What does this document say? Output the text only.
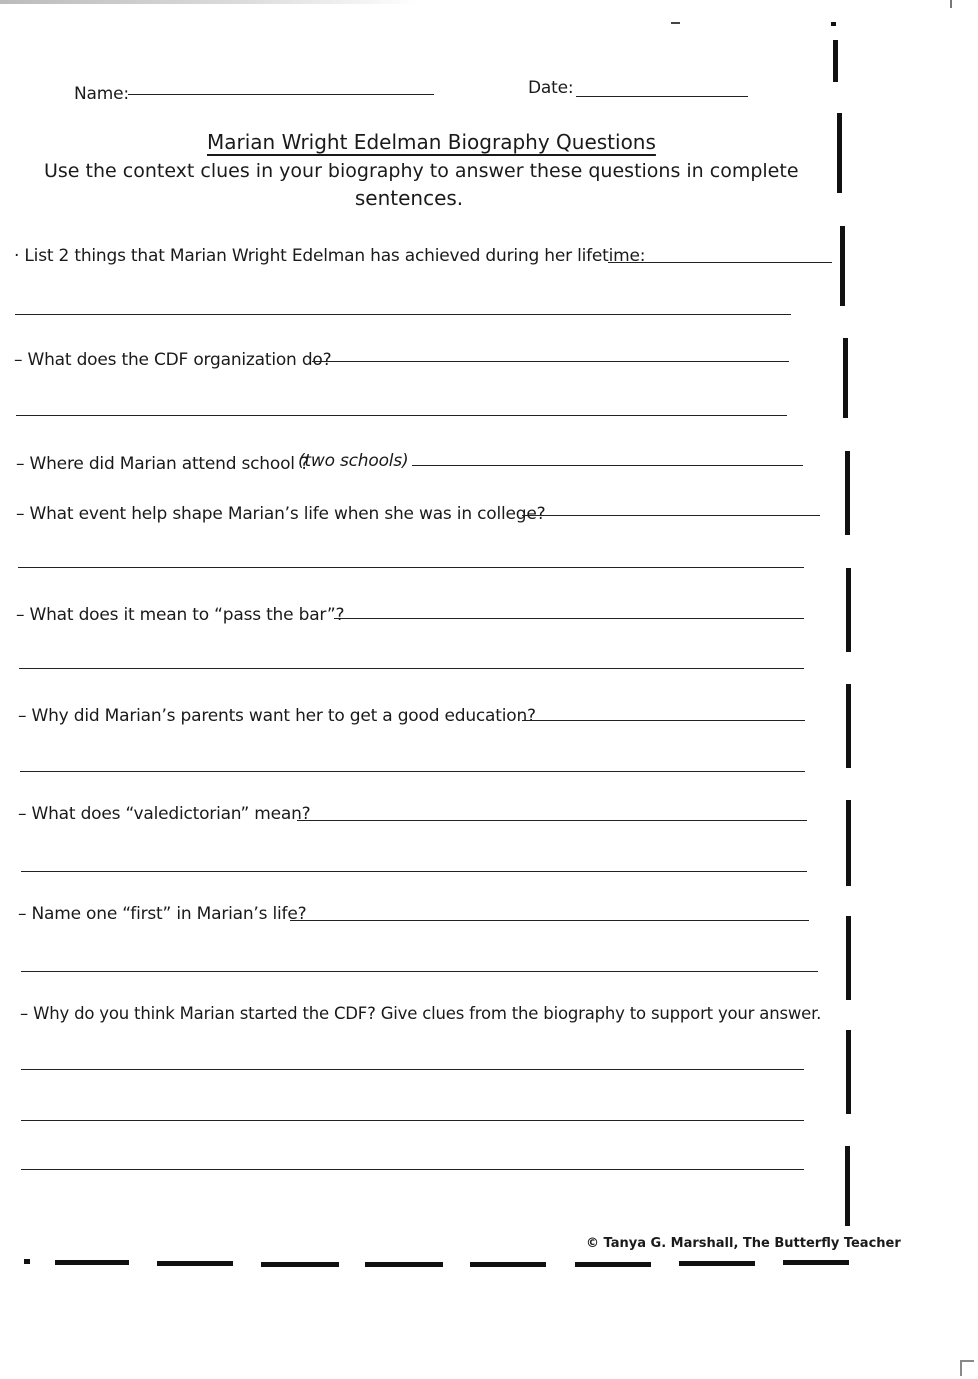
Name:	Date:
Marian Wright Edelman Biography Questions
Use the context clues in your biography to answer these questions in complete
sentences.
· List 2 things that Marian Wright Edelman has achieved during her lifetime:
– What does the CDF organization do?
– Where did Marian attend school ?
(two schools)
– What event help shape Marian’s life when she was in college?
– What does it mean to “pass the bar”?
– Why did Marian’s parents want her to get a good education?
– What does “valedictorian” mean?
– Name one “first” in Marian’s life?
– Why do you think Marian started the CDF? Give clues from the biography to support your answer.
© Tanya G. Marshall, The Butterfly Teacher
